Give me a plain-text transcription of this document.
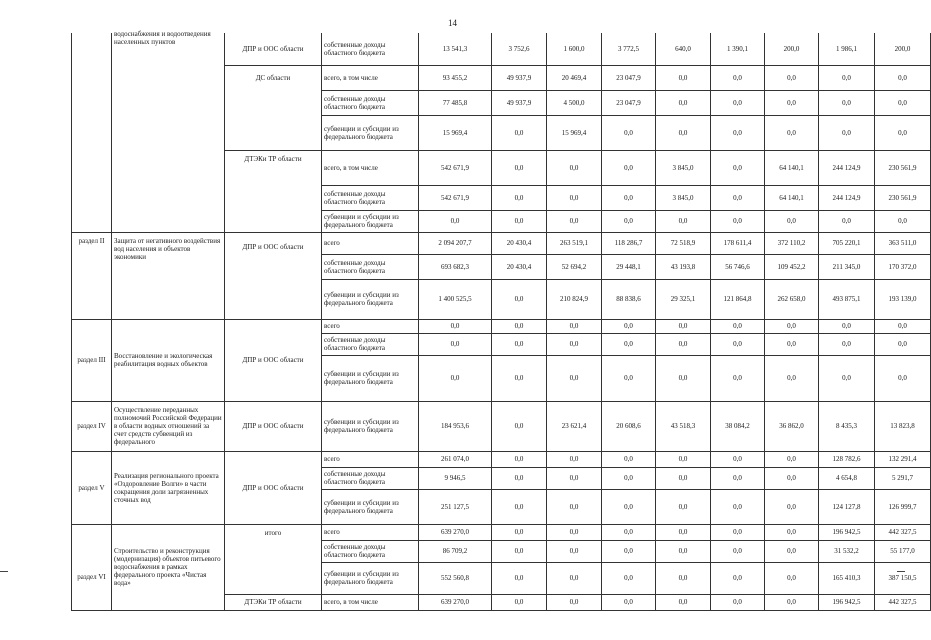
14

	водоснабжения и водоотведения населенных пунктов	ДПР и ООС области	собственные доходы областного бюджета	13 541,3	3 752,6	1 600,0	3 772,5	640,0	1 390,1	200,0	1 986,1	200,0
		ДС области	всего, в том числе	93 455,2	49 937,9	20 469,4	23 047,9	0,0	0,0	0,0	0,0	0,0
			собственные доходы областного бюджета	77 485,8	49 937,9	4 500,0	23 047,9	0,0	0,0	0,0	0,0	0,0
			субвенции и субсидии из федерального бюджета	15 969,4	0,0	15 969,4	0,0	0,0	0,0	0,0	0,0	0,0
		ДТЭКи ТР области	всего, в том числе	542 671,9	0,0	0,0	0,0	3 845,0	0,0	64 140,1	244 124,9	230 561,9
			собственные доходы областного бюджета	542 671,9	0,0	0,0	0,0	3 845,0	0,0	64 140,1	244 124,9	230 561,9
			субвенции и субсидии из федерального бюджета	0,0	0,0	0,0	0,0	0,0	0,0	0,0	0,0	0,0
раздел II	Защита от негативного воздействия вод населения и объектов экономики	ДПР и ООС области	всего	2 094 207,7	20 430,4	263 519,1	118 286,7	72 518,9	178 611,4	372 110,2	705 220,1	363 511,0
			собственные доходы областного бюджета	693 682,3	20 430,4	52 694,2	29 448,1	43 193,8	56 746,6	109 452,2	211 345,0	170 372,0
			субвенции и субсидии из федерального бюджета	1 400 525,5	0,0	210 824,9	88 838,6	29 325,1	121 864,8	262 658,0	493 875,1	193 139,0
раздел III	Восстановление и экологическая реабилитация водных объектов	ДПР и ООС области	всего	0,0	0,0	0,0	0,0	0,0	0,0	0,0	0,0	0,0
			собственные доходы областного бюджета	0,0	0,0	0,0	0,0	0,0	0,0	0,0	0,0	0,0
			субвенции и субсидии из федерального бюджета	0,0	0,0	0,0	0,0	0,0	0,0	0,0	0,0	0,0
раздел IV	Осуществление переданных полномочий Российской Федерации в области водных отношений за счет средств субвенций из федерального	ДПР и ООС области	субвенции и субсидии из федерального бюджета	184 953,6	0,0	23 621,4	20 608,6	43 518,3	38 084,2	36 862,0	8 435,3	13 823,8
раздел V	Реализация регионального проекта «Оздоровление Волги» в части сокращения доли загрязненных сточных вод	ДПР и ООС области	всего	261 074,0	0,0	0,0	0,0	0,0	0,0	0,0	128 782,6	132 291,4
			собственные доходы областного бюджета	9 946,5	0,0	0,0	0,0	0,0	0,0	0,0	4 654,8	5 291,7
			субвенции и субсидии из федерального бюджета	251 127,5	0,0	0,0	0,0	0,0	0,0	0,0	124 127,8	126 999,7
раздел VI	Строительство и реконструкция (модернизация) объектов питьевого водоснабжения в рамках федерального проекта «Чистая вода»	итого	всего	639 270,0	0,0	0,0	0,0	0,0	0,0	0,0	196 942,5	442 327,5
			собственные доходы областного бюджета	86 709,2	0,0	0,0	0,0	0,0	0,0	0,0	31 532,2	55 177,0
			субвенции и субсидии из федерального бюджета	552 560,8	0,0	0,0	0,0	0,0	0,0	0,0	165 410,3	387 150,5
		ДТЭКи ТР области	всего, в том числе	639 270,0	0,0	0,0	0,0	0,0	0,0	0,0	196 942,5	442 327,5
